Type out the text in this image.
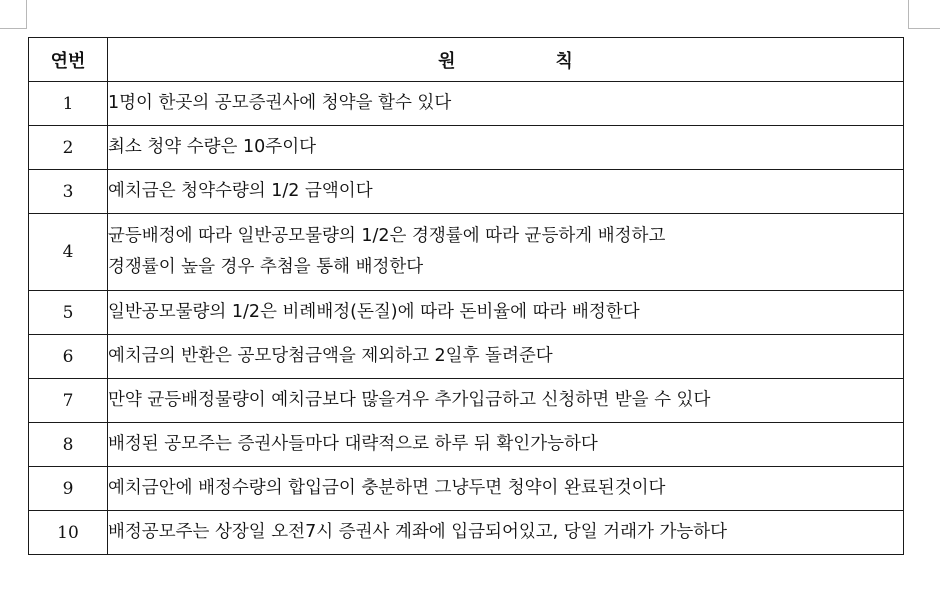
연번	원 칙
1	1명이 한곳의 공모증권사에 청약을 할수 있다

2	최소 청약 수량은 10주이다

3	예치금은 청약수량의 1/2 금액이다

4	균등배정에 따라 일반공모물량의 1/2은 경쟁률에 따라 균등하게 배정하고
경쟁률이 높을 경우 추첨을 통해 배정한다

5	일반공모물량의 1/2은 비례배정(돈질)에 따라 돈비율에 따라 배정한다

6	예치금의 반환은 공모당첨금액을 제외하고 2일후 돌려준다

7	만약 균등배정물량이 예치금보다 많을겨우 추가입금하고 신청하면 받을 수 있다

8	배정된 공모주는 증권사들마다 대략적으로 하루 뒤 확인가능하다

9	예치금안에 배정수량의 합입금이 충분하면 그냥두면 청약이 완료된것이다

10	배정공모주는 상장일 오전7시 증권사 계좌에 입금되어있고, 당일 거래가 가능하다
